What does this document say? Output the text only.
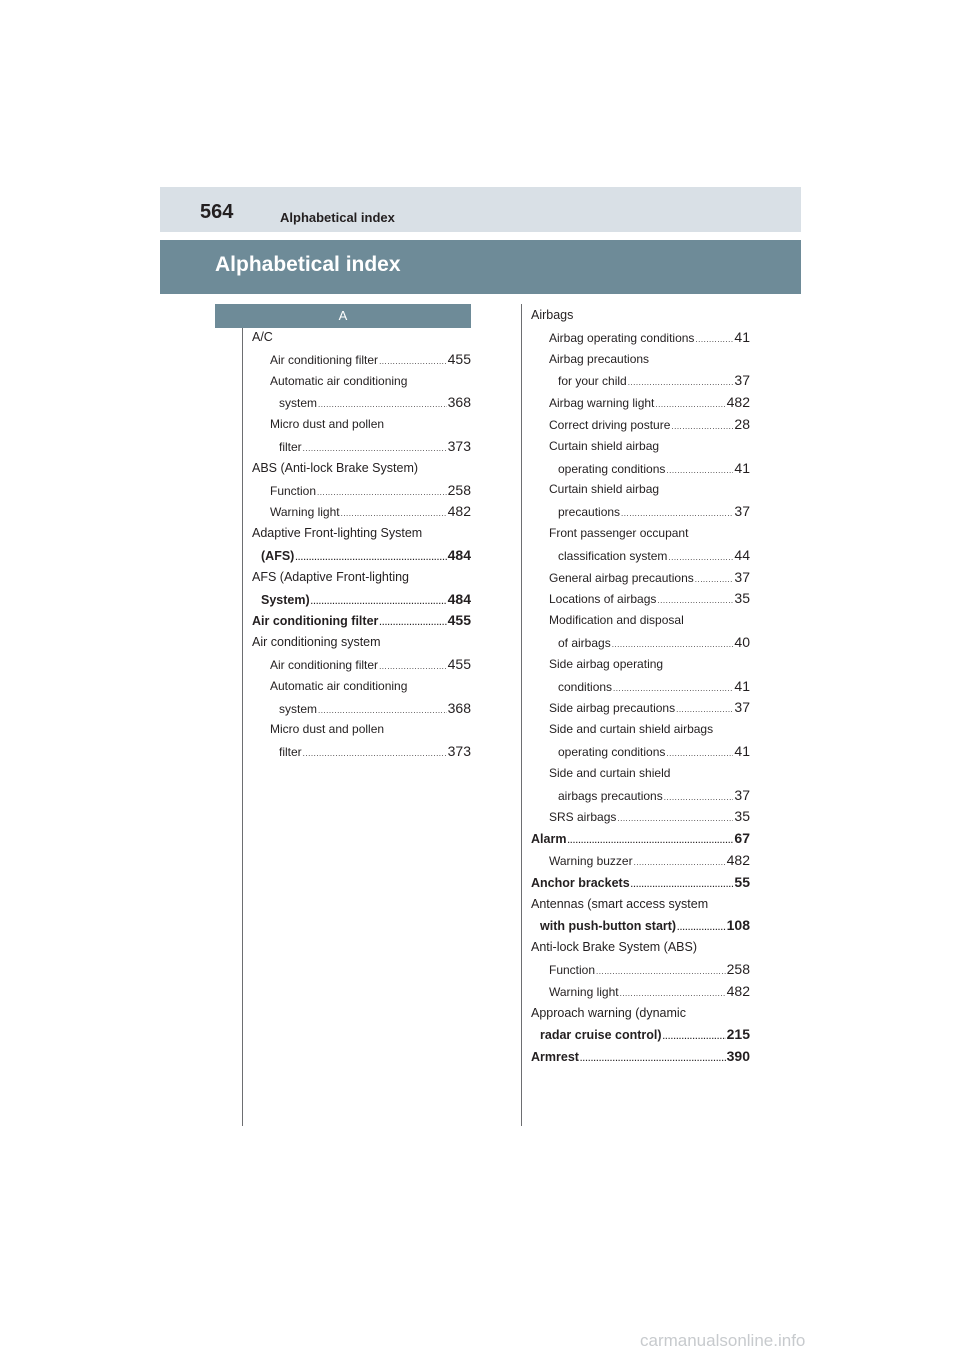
564	Alphabetical index
Alphabetical index
A
A/C
Air conditioning filter .....	455
Automatic air conditioning
system .....	368
Micro dust and pollen
filter .....	373
ABS (Anti-lock Brake System)
Function .....	258
Warning light .....	482
Adaptive Front-lighting System
(AFS) .....	484
AFS (Adaptive Front-lighting
System) .....	484
Air conditioning filter .....	455
Air conditioning system
Air conditioning filter .....	455
Automatic air conditioning
system .....	368
Micro dust and pollen
filter .....	373
Airbags
Airbag operating conditions .....	41
Airbag precautions
for your child .....	37
Airbag warning light .....	482
Correct driving posture .....	28
Curtain shield airbag
operating conditions .....	41
Curtain shield airbag
precautions .....	37
Front passenger occupant
classification system .....	44
General airbag precautions .....	37
Locations of airbags .....	35
Modification and disposal
of airbags .....	40
Side airbag operating
conditions .....	41
Side airbag precautions .....	37
Side and curtain shield airbags
operating conditions .....	41
Side and curtain shield
airbags precautions .....	37
SRS airbags .....	35
Alarm .....	67
Warning buzzer .....	482
Anchor brackets .....	55
Antennas (smart access system
with push-button start) .....	108
Anti-lock Brake System (ABS)
Function .....	258
Warning light .....	482
Approach warning (dynamic
radar cruise control) .....	215
Armrest .....	390
carmanualsonline.info
